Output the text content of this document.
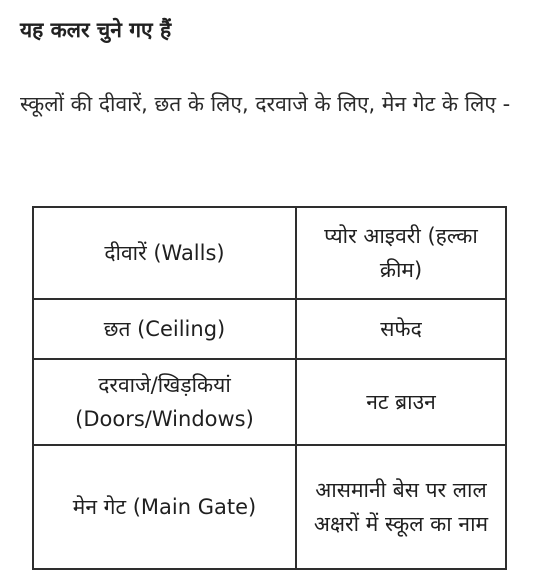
यह कलर चुने गए हैं
स्कूलों की दीवारें, छत के लिए, दरवाजे के लिए, मेन गेट के लिए -
दीवारें (Walls)	प्योर आइवरी (हल्का क्रीम)
छत (Ceiling)	सफेद
दरवाजे/खिड़कियां (Doors/Windows)	नट ब्राउन
मेन गेट (Main Gate)	आसमानी बेस पर लाल अक्षरों में स्कूल का नाम
